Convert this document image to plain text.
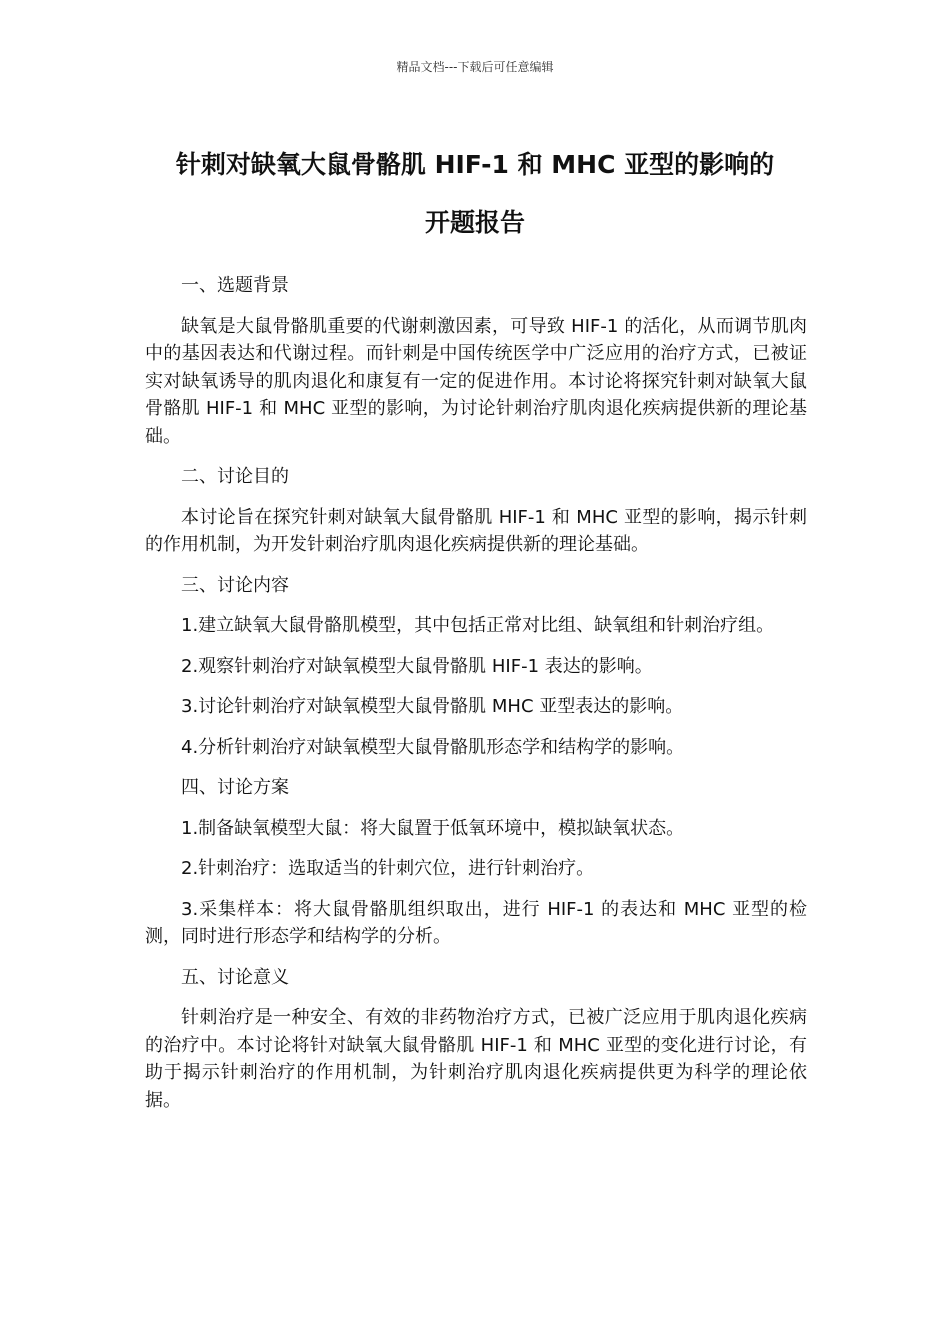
精品文档---下载后可任意编辑
针刺对缺氧大鼠骨骼肌 HIF-1 和 MHC 亚型的影响的
开题报告

一、选题背景

缺氧是大鼠骨骼肌重要的代谢刺激因素，可导致 HIF-1 的活化，从而调节肌肉中的基因表达和代谢过程。而针刺是中国传统医学中广泛应用的治疗方式，已被证实对缺氧诱导的肌肉退化和康复有一定的促进作用。本讨论将探究针刺对缺氧大鼠骨骼肌 HIF-1 和 MHC 亚型的影响，为讨论针刺治疗肌肉退化疾病提供新的理论基础。

二、讨论目的

本讨论旨在探究针刺对缺氧大鼠骨骼肌 HIF-1 和 MHC 亚型的影响，揭示针刺的作用机制，为开发针刺治疗肌肉退化疾病提供新的理论基础。

三、讨论内容

1.建立缺氧大鼠骨骼肌模型，其中包括正常对比组、缺氧组和针刺治疗组。

2.观察针刺治疗对缺氧模型大鼠骨骼肌 HIF-1 表达的影响。

3.讨论针刺治疗对缺氧模型大鼠骨骼肌 MHC 亚型表达的影响。

4.分析针刺治疗对缺氧模型大鼠骨骼肌形态学和结构学的影响。

四、讨论方案

1.制备缺氧模型大鼠：将大鼠置于低氧环境中，模拟缺氧状态。

2.针刺治疗：选取适当的针刺穴位，进行针刺治疗。

3.采集样本：将大鼠骨骼肌组织取出，进行 HIF-1 的表达和 MHC 亚型的检测，同时进行形态学和结构学的分析。

五、讨论意义

针刺治疗是一种安全、有效的非药物治疗方式，已被广泛应用于肌肉退化疾病的治疗中。本讨论将针对缺氧大鼠骨骼肌 HIF-1 和 MHC 亚型的变化进行讨论，有助于揭示针刺治疗的作用机制，为针刺治疗肌肉退化疾病提供更为科学的理论依据。
